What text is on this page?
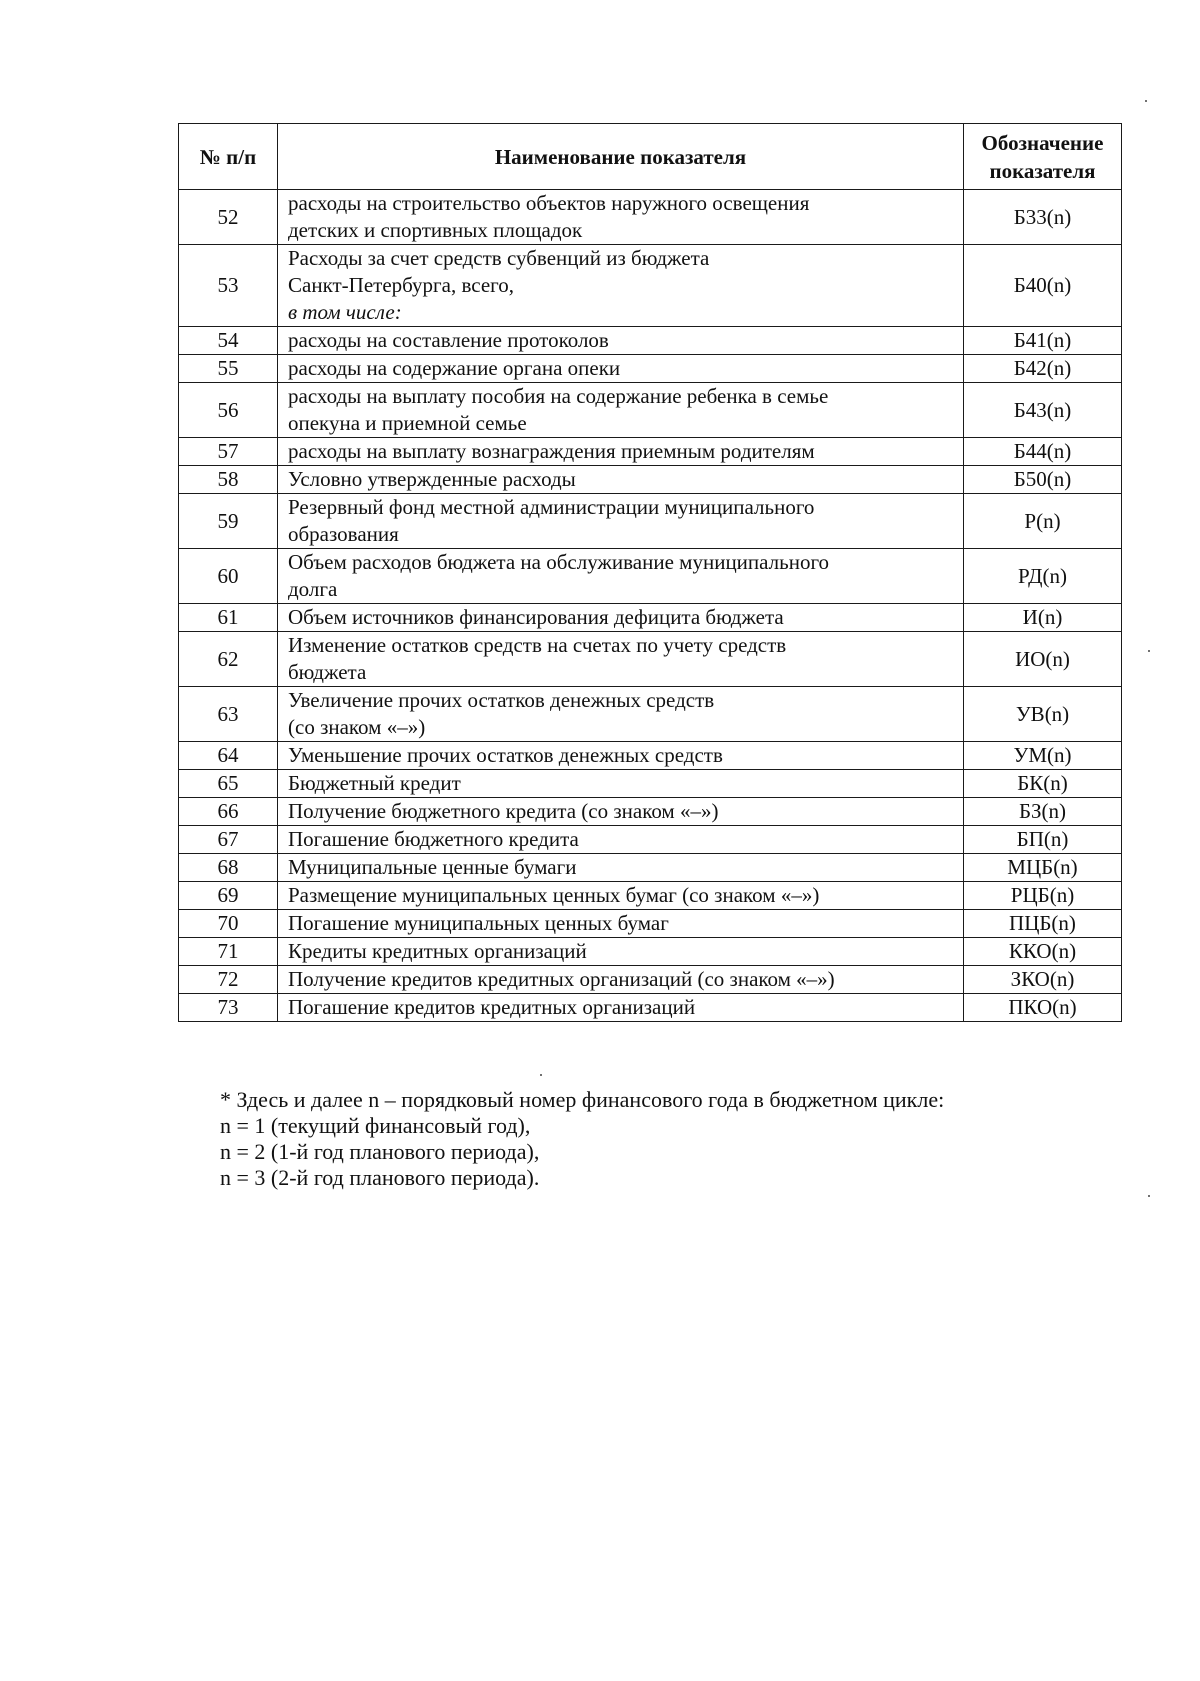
№ п/п	Наименование показателя	Обозначение показателя
52	расходы на строительство объектов наружного освещения
детских и спортивных площадок	Б33(n)
53	Расходы за счет средств субвенций из бюджета
Санкт-Петербурга, всего,
в том числе:	Б40(n)
54	расходы на составление протоколов	Б41(n)
55	расходы на содержание органа опеки	Б42(n)
56	расходы на выплату пособия на содержание ребенка в семье
опекуна и приемной семье	Б43(n)
57	расходы на выплату вознаграждения приемным родителям	Б44(n)
58	Условно утвержденные расходы	Б50(n)
59	Резервный фонд местной администрации муниципального
образования	Р(n)
60	Объем расходов бюджета на обслуживание муниципального
долга	РД(n)
61	Объем источников финансирования дефицита бюджета	И(n)
62	Изменение остатков средств на счетах по учету средств
бюджета	ИО(n)
63	Увеличение прочих остатков денежных средств
(со знаком «–»)	УВ(n)
64	Уменьшение прочих остатков денежных средств	УМ(n)
65	Бюджетный кредит	БК(n)
66	Получение бюджетного кредита (со знаком «–»)	БЗ(n)
67	Погашение бюджетного кредита	БП(n)
68	Муниципальные ценные бумаги	МЦБ(n)
69	Размещение муниципальных ценных бумаг (со знаком «–»)	РЦБ(n)
70	Погашение муниципальных ценных бумаг	ПЦБ(n)
71	Кредиты кредитных организаций	ККО(n)
72	Получение кредитов кредитных организаций (со знаком «–»)	ЗКО(n)
73	Погашение кредитов кредитных организаций	ПКО(n)
* Здесь и далее n – порядковый номер финансового года в бюджетном цикле:
n = 1 (текущий финансовый год),
n = 2 (1-й год планового периода),
n = 3 (2-й год планового периода).
